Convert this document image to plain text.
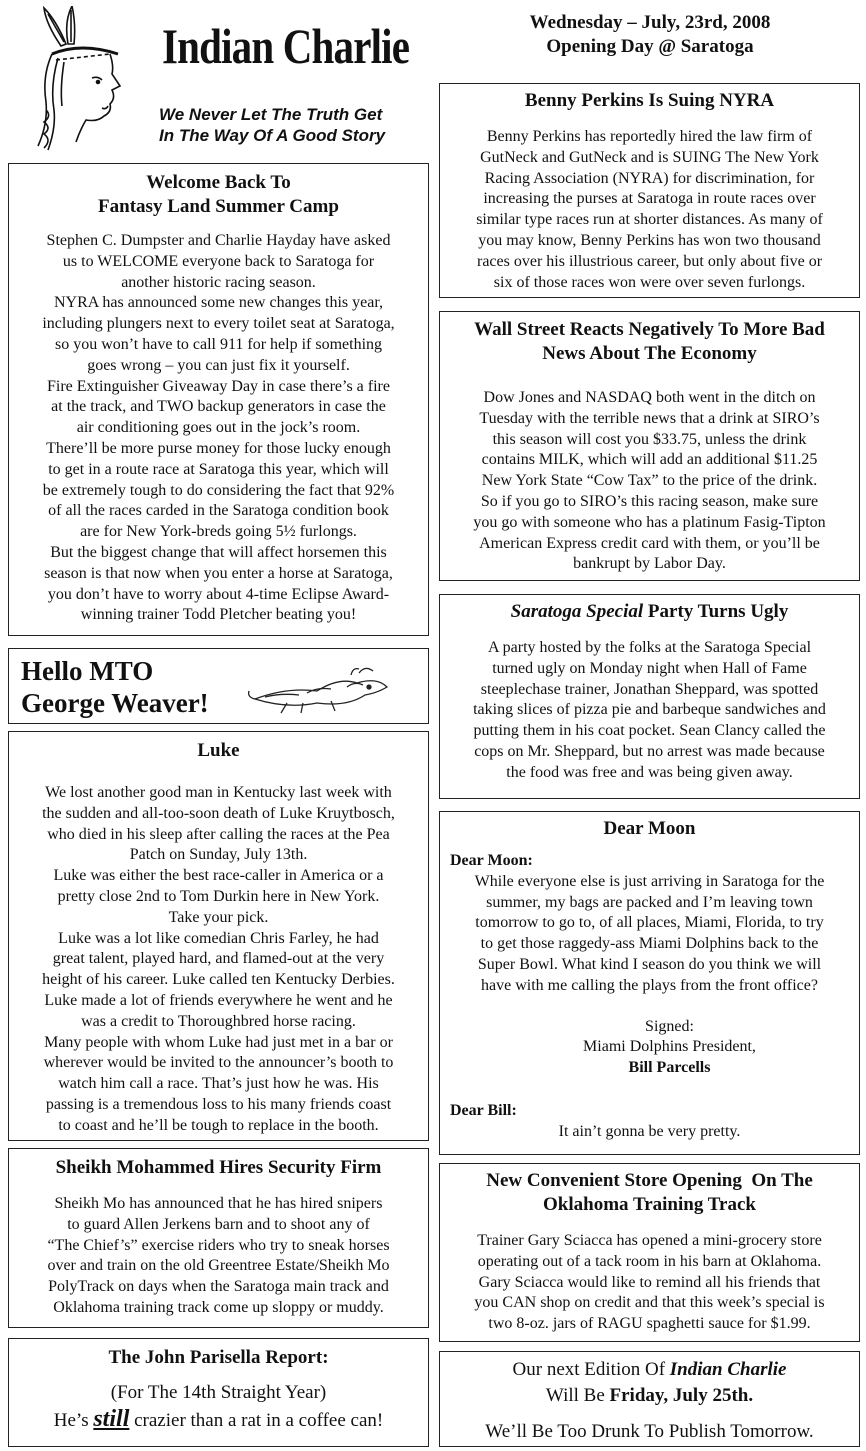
Indian Charlie
We Never Let The Truth Get
In The Way Of A Good Story
Wednesday – July, 23rd, 2008
Opening Day @ Saratoga
Welcome Back To
Fantasy Land Summer Camp
Stephen C. Dumpster and Charlie Hayday have asked
us to WELCOME everyone back to Saratoga for
another historic racing season.
NYRA has announced some new changes this year,
including plungers next to every toilet seat at Saratoga,
so you won’t have to call 911 for help if something
goes wrong – you can just fix it yourself.
Fire Extinguisher Giveaway Day in case there’s a fire
at the track, and TWO backup generators in case the
air conditioning goes out in the jock’s room.
There’ll be more purse money for those lucky enough
to get in a route race at Saratoga this year, which will
be extremely tough to do considering the fact that 92%
of all the races carded in the Saratoga condition book
are for New York-breds going 5½ furlongs.
But the biggest change that will affect horsemen this
season is that now when you enter a horse at Saratoga,
you don’t have to worry about 4-time Eclipse Award-
winning trainer Todd Pletcher beating you!
Hello MTO
George Weaver!
Luke
We lost another good man in Kentucky last week with
the sudden and all-too-soon death of Luke Kruytbosch,
who died in his sleep after calling the races at the Pea
Patch on Sunday, July 13th.
Luke was either the best race-caller in America or a
pretty close 2nd to Tom Durkin here in New York.
Take your pick.
Luke was a lot like comedian Chris Farley, he had
great talent, played hard, and flamed-out at the very
height of his career. Luke called ten Kentucky Derbies.
Luke made a lot of friends everywhere he went and he
was a credit to Thoroughbred horse racing.
Many people with whom Luke had just met in a bar or
wherever would be invited to the announcer’s booth to
watch him call a race. That’s just how he was. His
passing is a tremendous loss to his many friends coast
to coast and he’ll be tough to replace in the booth.
Sheikh Mohammed Hires Security Firm
Sheikh Mo has announced that he has hired snipers
to guard Allen Jerkens barn and to shoot any of
“The Chief’s” exercise riders who try to sneak horses
over and train on the old Greentree Estate/Sheikh Mo
PolyTrack on days when the Saratoga main track and
Oklahoma training track come up sloppy or muddy.
The John Parisella Report:
(For The 14th Straight Year)
He’s still crazier than a rat in a coffee can!
Benny Perkins Is Suing NYRA
Benny Perkins has reportedly hired the law firm of
GutNeck and GutNeck and is SUING The New York
Racing Association (NYRA) for discrimination, for
increasing the purses at Saratoga in route races over
similar type races run at shorter distances. As many of
you may know, Benny Perkins has won two thousand
races over his illustrious career, but only about five or
six of those races won were over seven furlongs.
Wall Street Reacts Negatively To More Bad
News About The Economy
Dow Jones and NASDAQ both went in the ditch on
Tuesday with the terrible news that a drink at SIRO’s
this season will cost you $33.75, unless the drink
contains MILK, which will add an additional $11.25
New York State “Cow Tax” to the price of the drink.
So if you go to SIRO’s this racing season, make sure
you go with someone who has a platinum Fasig-Tipton
American Express credit card with them, or you’ll be
bankrupt by Labor Day.
Saratoga Special Party Turns Ugly
A party hosted by the folks at the Saratoga Special
turned ugly on Monday night when Hall of Fame
steeplechase trainer, Jonathan Sheppard, was spotted
taking slices of pizza pie and barbeque sandwiches and
putting them in his coat pocket. Sean Clancy called the
cops on Mr. Sheppard, but no arrest was made because
the food was free and was being given away.
Dear Moon
Dear Moon:
While everyone else is just arriving in Saratoga for the
summer, my bags are packed and I’m leaving town
tomorrow to go to, of all places, Miami, Florida, to try
to get those raggedy-ass Miami Dolphins back to the
Super Bowl. What kind I season do you think we will
have with me calling the plays from the front office?
Signed:
Miami Dolphins President,
Bill Parcells
Dear Bill:
It ain’t gonna be very pretty.
New Convenient Store Opening  On The
Oklahoma Training Track
Trainer Gary Sciacca has opened a mini-grocery store
operating out of a tack room in his barn at Oklahoma.
Gary Sciacca would like to remind all his friends that
you CAN shop on credit and that this week’s special is
two 8-oz. jars of RAGU spaghetti sauce for $1.99.
Our next Edition Of Indian Charlie
Will Be Friday, July 25th.
We’ll Be Too Drunk To Publish Tomorrow.
